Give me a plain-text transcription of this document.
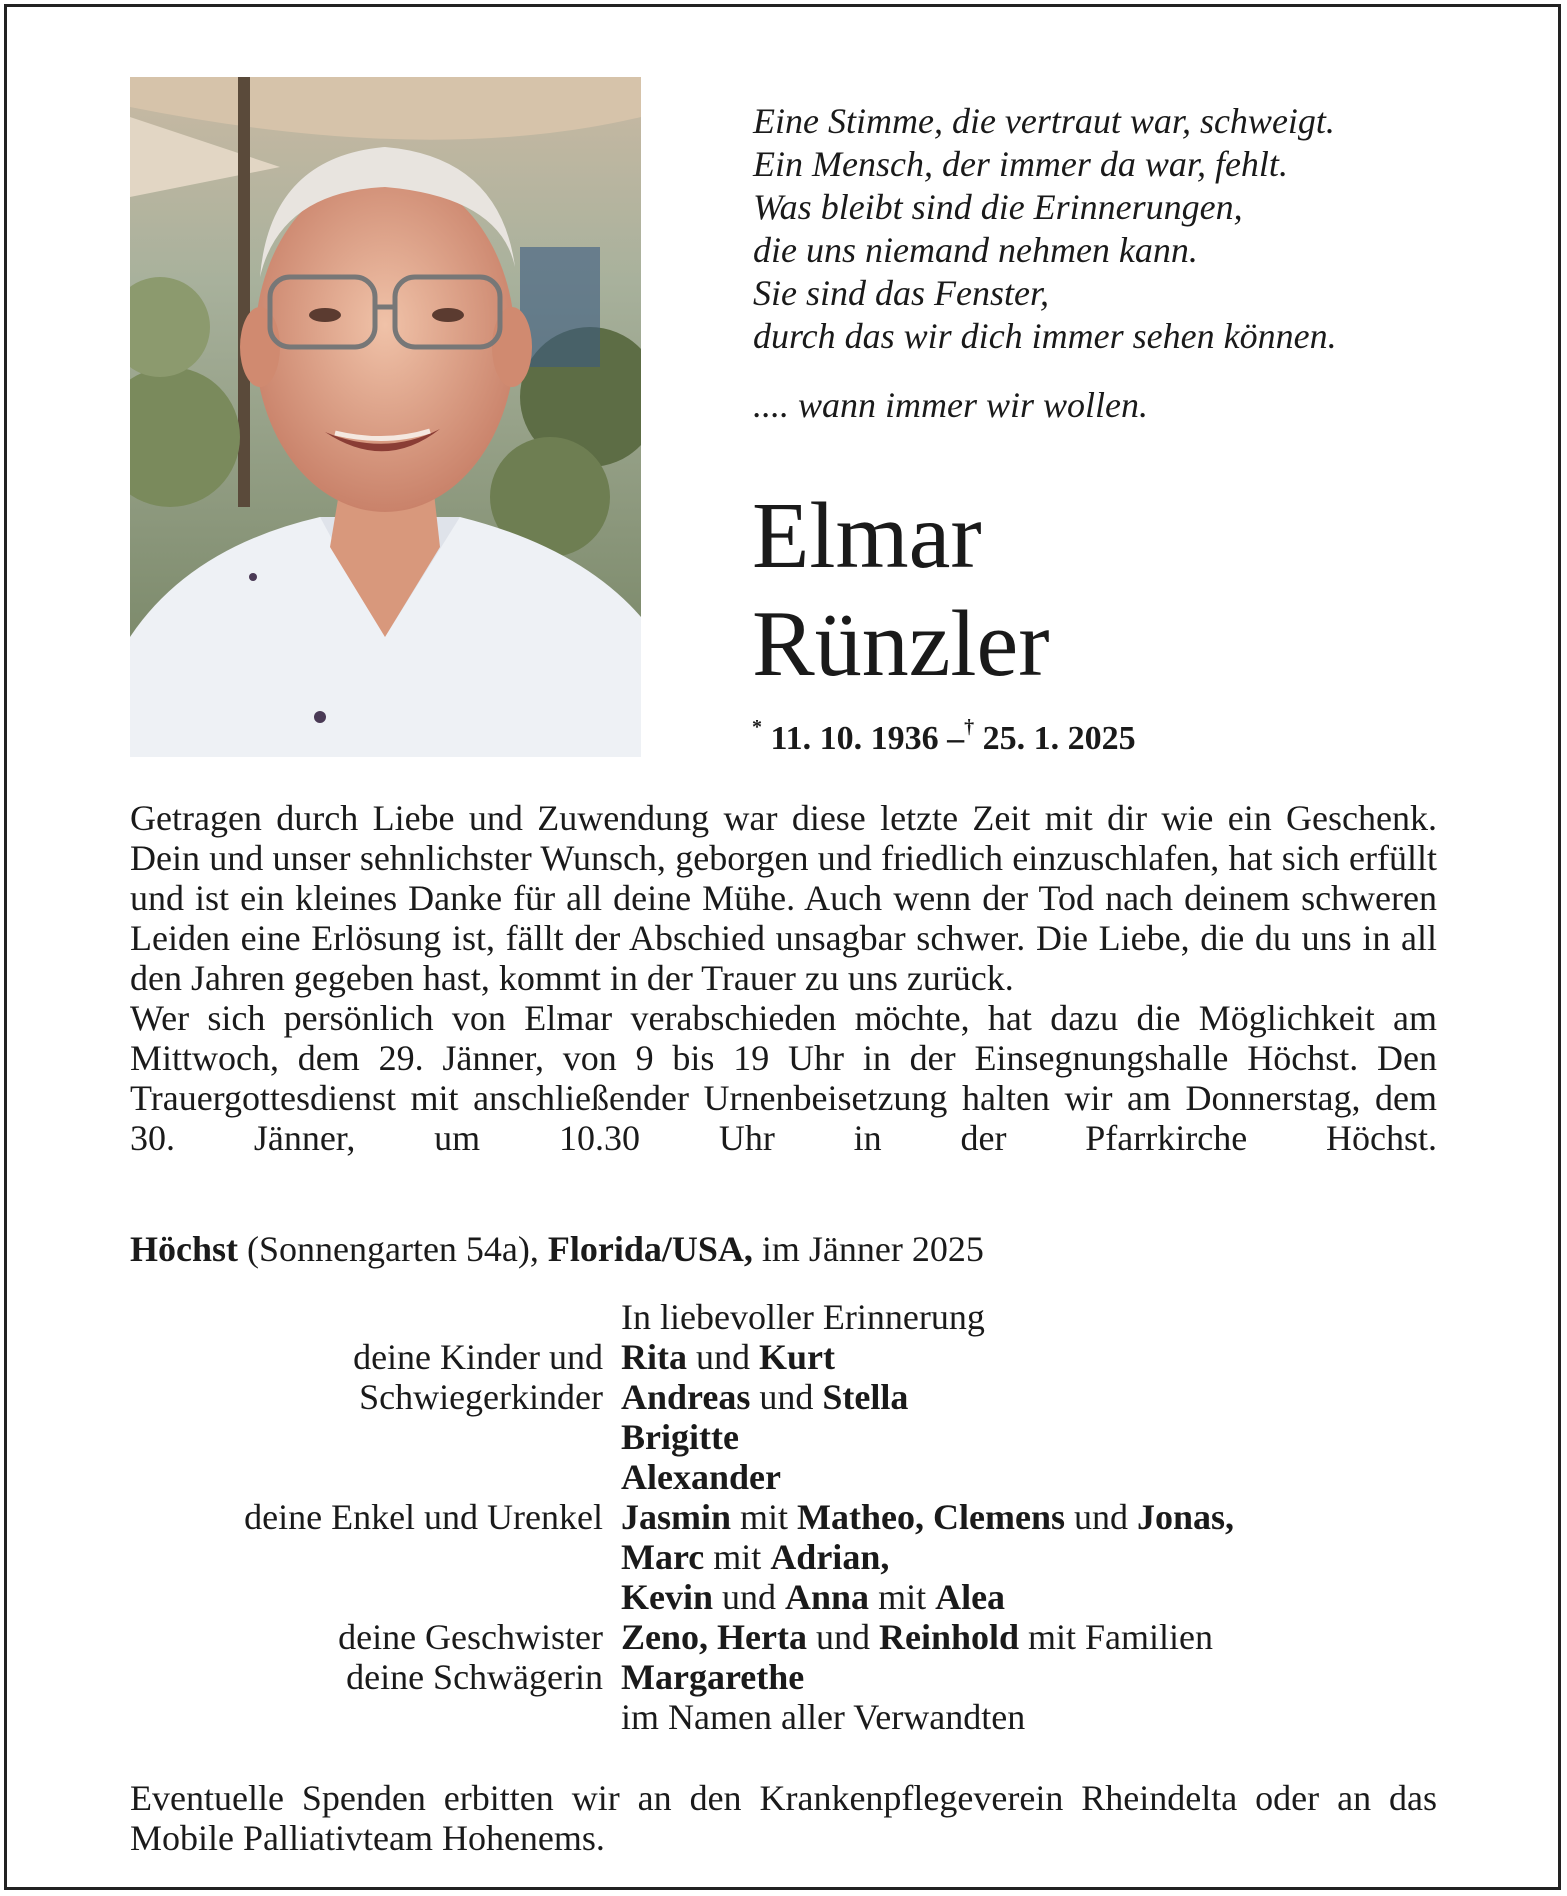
Eine Stimme, die vertraut war, schweigt.
Ein Mensch, der immer da war, fehlt.
Was bleibt sind die Erinnerungen,
die uns niemand nehmen kann.
Sie sind das Fenster,
durch das wir dich immer sehen können.
.... wann immer wir wollen.
Elmar
Rünzler
* 11. 10. 1936 –† 25. 1. 2025

Getragen durch Liebe und Zuwendung war diese letzte Zeit mit dir wie ein Geschenk. Dein und unser sehnlichster Wunsch, geborgen und friedlich einzuschlafen, hat sich erfüllt und ist ein kleines Danke für all deine Mühe. Auch wenn der Tod nach deinem schweren Leiden eine Erlösung ist, fällt der Abschied unsagbar schwer. Die Liebe, die du uns in all den Jahren gegeben hast, kommt in der Trauer zu uns zurück.

Wer sich persönlich von Elmar verabschieden möchte, hat dazu die Möglichkeit am Mittwoch, dem 29. Jänner, von 9 bis 19 Uhr in der Einsegnungshalle Höchst. Den Trauergottesdienst mit anschließender Urnenbeisetzung halten wir am Donnerstag, dem 30. Jänner, um 10.30 Uhr in der Pfarrkirche Höchst.

Höchst (Sonnengarten 54a), Florida/USA, im Jänner 2025
In liebevoller Erinnerung
deine Kinder und Rita und Kurt
Schwiegerkinder Andreas und Stella
Brigitte
Alexander
deine Enkel und Urenkel Jasmin mit Matheo, Clemens und Jonas,
Marc mit Adrian,
Kevin und Anna mit Alea
deine Geschwister Zeno, Herta und Reinhold mit Familien
deine Schwägerin Margarethe
im Namen aller Verwandten

Eventuelle Spenden erbitten wir an den Krankenpflegeverein Rheindelta oder an das Mobile Palliativteam Hohenems.
